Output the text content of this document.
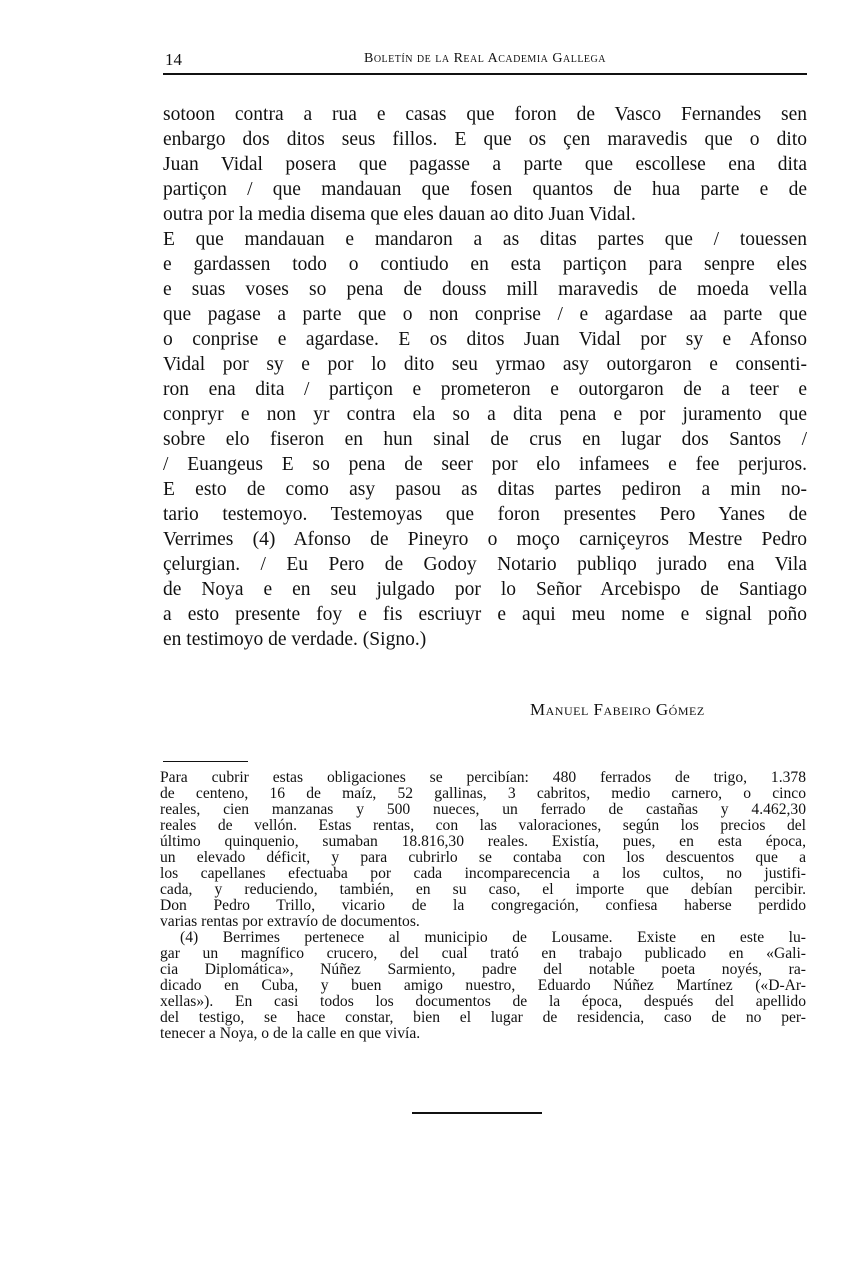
14	Boletín de la Real Academia Gallega
sotoon contra a rua e casas que foron de Vasco Fernandes sen
enbargo dos ditos seus fillos. E que os çen maravedis que o dito
Juan Vidal posera que pagasse a parte que escollese ena dita
partiçon / que mandauan que fosen quantos de hua parte e de
outra por la media disema que eles dauan ao dito Juan Vidal.
E que mandauan e mandaron a as ditas partes que / touessen
e gardassen todo o contiudo en esta partiçon para senpre eles
e suas voses so pena de douss mill maravedis de moeda vella
que pagase a parte que o non conprise / e agardase aa parte que
o conprise e agardase. E os ditos Juan Vidal por sy e Afonso
Vidal por sy e por lo dito seu yrmao asy outorgaron e consenti-
ron ena dita / partiçon e prometeron e outorgaron de a teer e
conpryr e non yr contra ela so a dita pena e por juramento que
sobre elo fiseron en hun sinal de crus en lugar dos Santos /
/ Euangeus E so pena de seer por elo infamees e fee perjuros.
E esto de como asy pasou as ditas partes pediron a min no-
tario testemoyo. Testemoyas que foron presentes Pero Yanes de
Verrimes (4) Afonso de Pineyro o moço carniçeyros Mestre Pedro
çelurgian. / Eu Pero de Godoy Notario publiqo jurado ena Vila
de Noya e en seu julgado por lo Señor Arcebispo de Santiago
a esto presente foy e fis escriuyr e aqui meu nome e signal poño
en testimoyo de verdade. (Signo.)
Manuel Fabeiro Gómez
Para cubrir estas obligaciones se percibían: 480 ferrados de trigo, 1.378
de centeno, 16 de maíz, 52 gallinas, 3 cabritos, medio carnero, o cinco
reales, cien manzanas y 500 nueces, un ferrado de castañas y 4.462,30
reales de vellón. Estas rentas, con las valoraciones, según los precios del
último quinquenio, sumaban 18.816,30 reales. Existía, pues, en esta época,
un elevado déficit, y para cubrirlo se contaba con los descuentos que a
los capellanes efectuaba por cada incomparecencia a los cultos, no justifi-
cada, y reduciendo, también, en su caso, el importe que debían percibir.
Don Pedro Trillo, vicario de la congregación, confiesa haberse perdido
varias rentas por extravío de documentos.
(4) Berrimes pertenece al municipio de Lousame. Existe en este lu-
gar un magnífico crucero, del cual trató en trabajo publicado en «Gali-
cia Diplomática», Núñez Sarmiento, padre del notable poeta noyés, ra-
dicado en Cuba, y buen amigo nuestro, Eduardo Núñez Martínez («D-Ar-
xellas»). En casi todos los documentos de la época, después del apellido
del testigo, se hace constar, bien el lugar de residencia, caso de no per-
tenecer a Noya, o de la calle en que vivía.
